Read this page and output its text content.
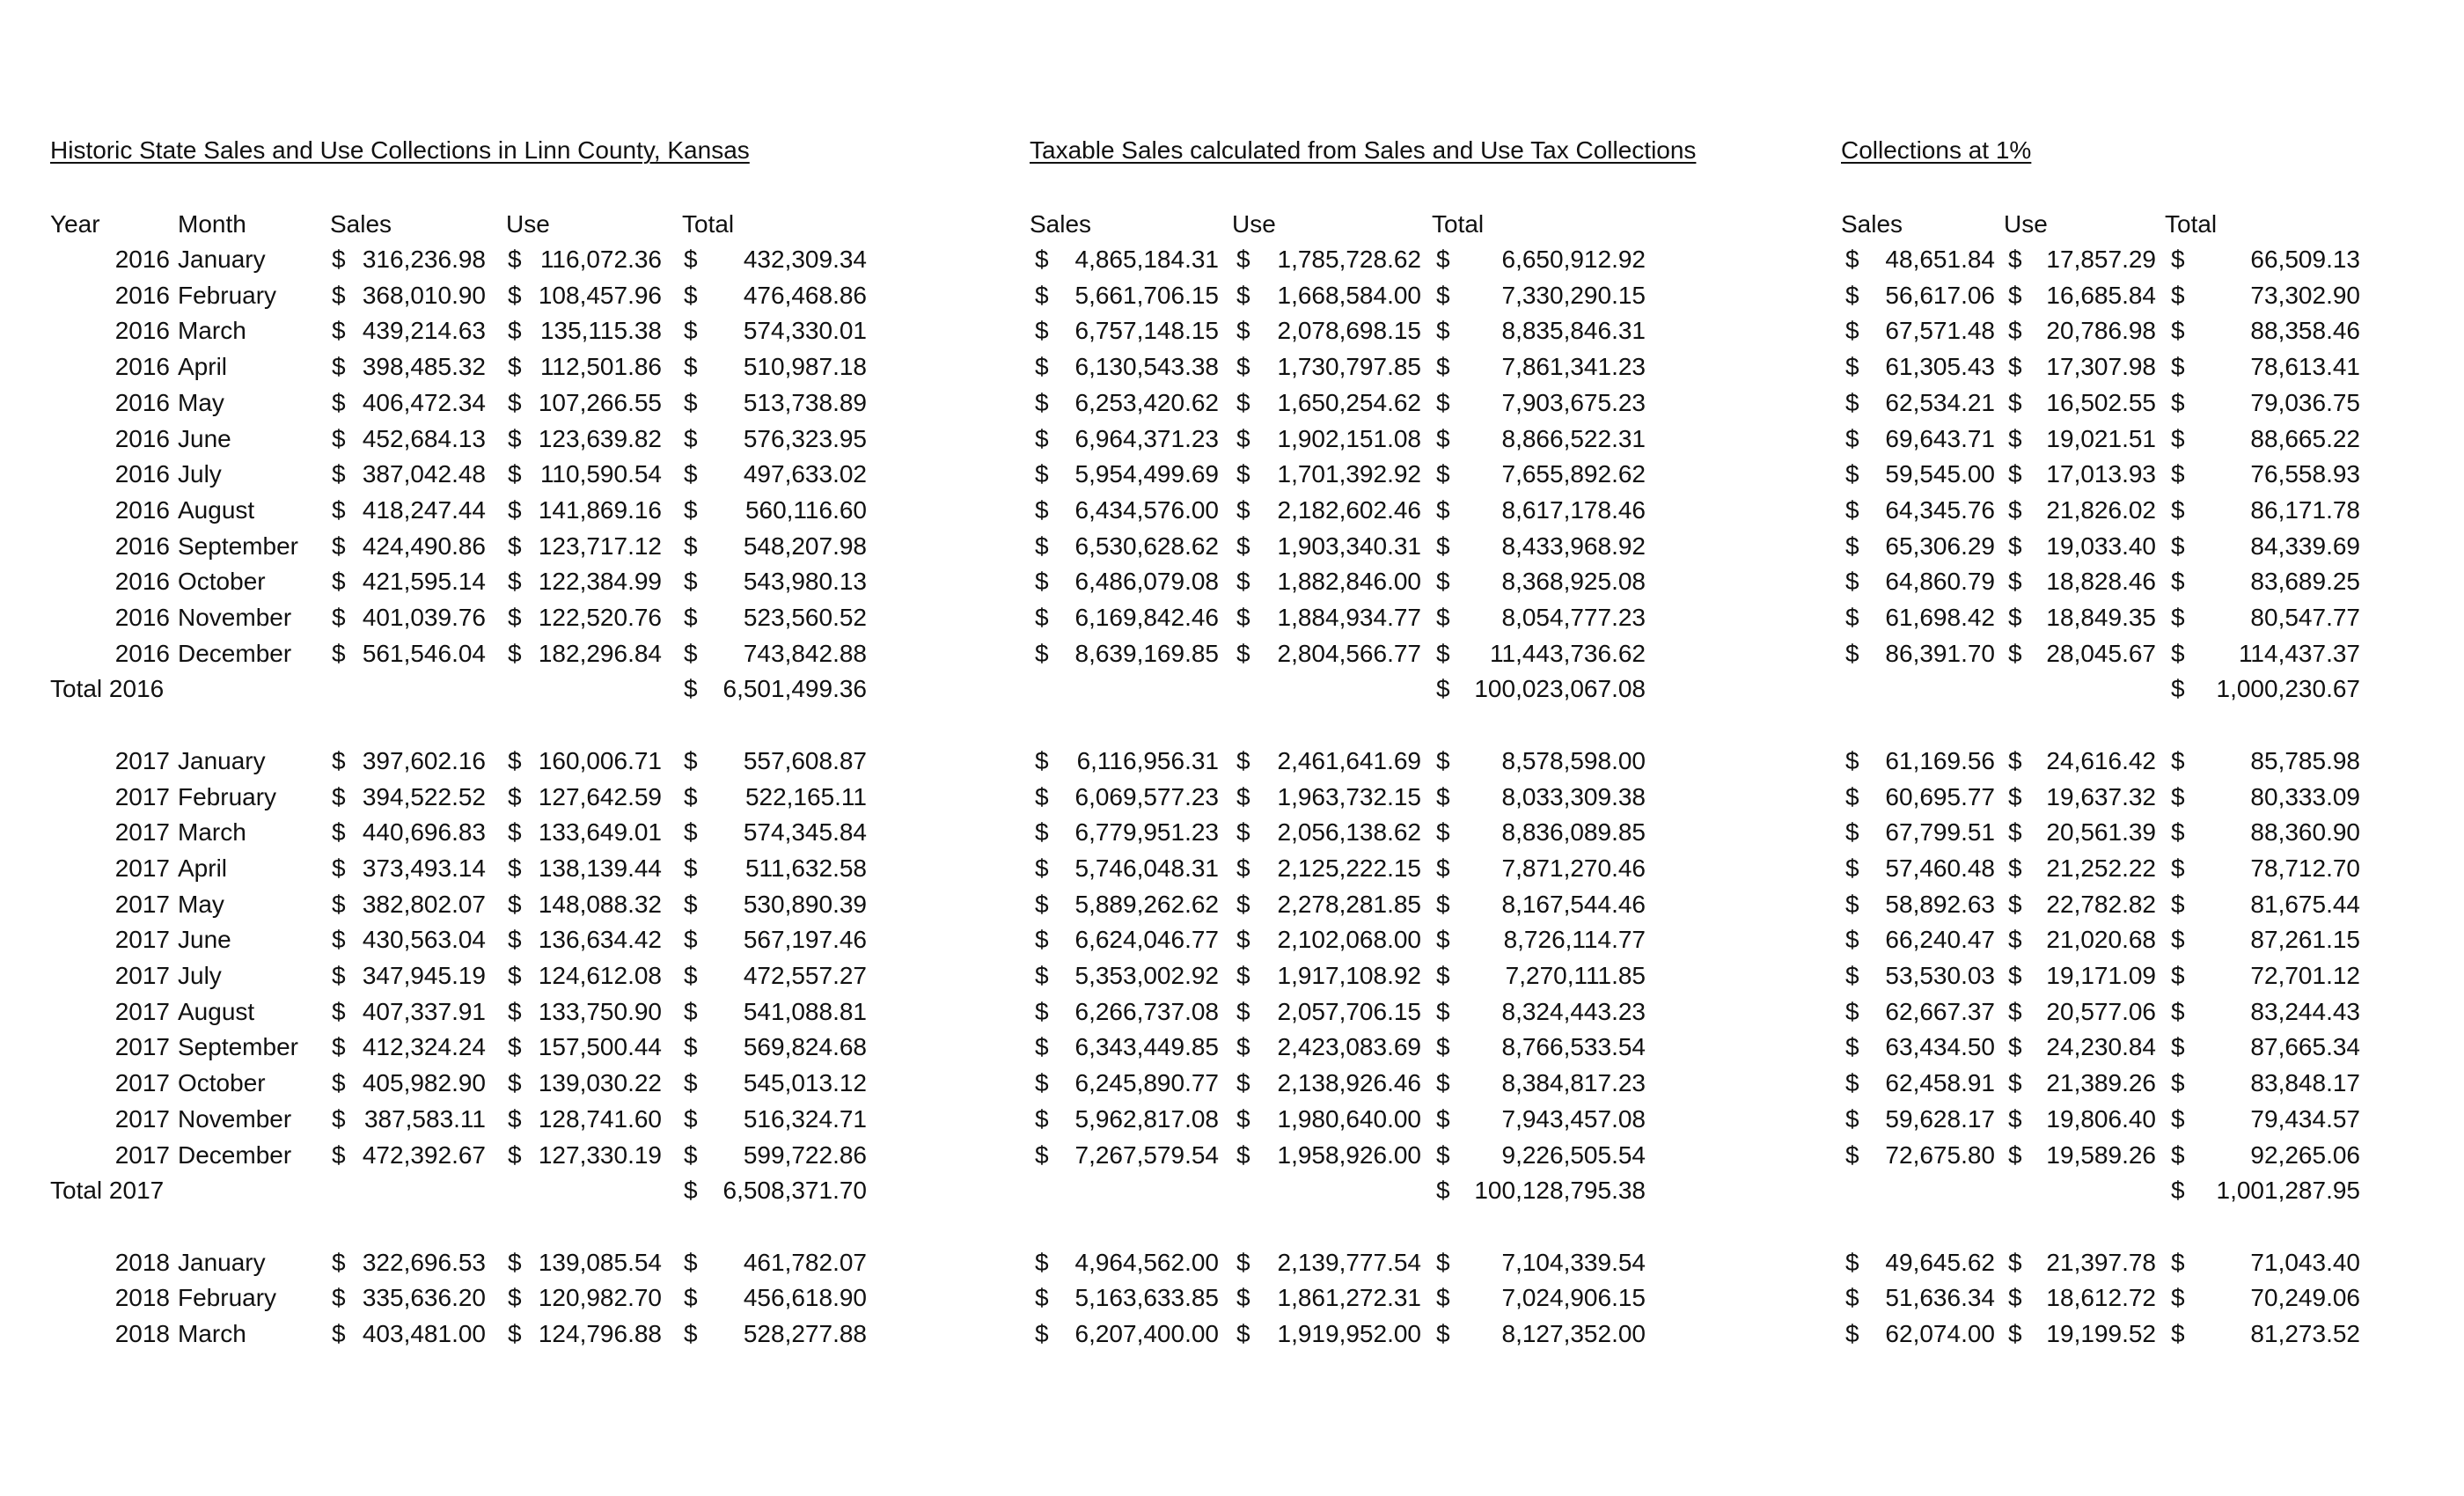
Historic State Sales and Use Collections in Linn County, Kansas
Year	Month	Sales	Use	Total
2016 January	$ 316,236.98 $ 116,072.36 $	432,309.34
2016 February $ 368,010.90 $ 108,457.96 $	476,468.86
2016 March	$ 439,214.63 $ 135,115.38 $	574,330.01
2016 April	$ 398,485.32 $ 112,501.86 $	510,987.18
2016 May	$ 406,472.34 $ 107,266.55 $	513,738.89
2016 June	$ 452,684.13 $ 123,639.82 $	576,323.95
2016 July	$ 387,042.48 $ 110,590.54 $	497,633.02
2016 August	$ 418,247.44 $ 141,869.16 $	560,116.60
2016 September $ 424,490.86 $ 123,717.12 $	548,207.98
2016 October	$ 421,595.14 $ 122,384.99 $	543,980.13
2016 November $ 401,039.76 $ 122,520.76 $	523,560.52
2016 December $ 561,546.04 $ 182,296.84 $	743,842.88
Total 2016	$	6,501,499.36
2017 January	$ 397,602.16 $ 160,006.71 $	557,608.87
2017 February $ 394,522.52 $ 127,642.59 $	522,165.11
2017 March	$ 440,696.83 $ 133,649.01 $	574,345.84
2017 April	$ 373,493.14 $ 138,139.44 $	511,632.58
2017 May	$ 382,802.07 $ 148,088.32 $	530,890.39
2017 June	$ 430,563.04 $ 136,634.42 $	567,197.46
2017 July	$ 347,945.19 $ 124,612.08 $	472,557.27
2017 August	$ 407,337.91 $ 133,750.90 $	541,088.81
2017 September $ 412,324.24 $ 157,500.44 $	569,824.68
2017 October	$ 405,982.90 $ 139,030.22 $	545,013.12
2017 November $ 387,583.11 $ 128,741.60 $	516,324.71
2017 December $ 472,392.67 $ 127,330.19 $	599,722.86
Total 2017	$	6,508,371.70
2018 January	$ 322,696.53 $ 139,085.54 $	461,782.07
2018 February $ 335,636.20 $ 120,982.70 $	456,618.90
2018 March	$ 403,481.00 $ 124,796.88 $	528,277.88
Taxable Sales calculated from Sales and Use Tax Collections
Sales	Use	Total
$	4,865,184.31 $	1,785,728.62 $	6,650,912.92
$	5,661,706.15 $	1,668,584.00 $	7,330,290.15
$	6,757,148.15 $	2,078,698.15 $	8,835,846.31
$	6,130,543.38 $	1,730,797.85 $	7,861,341.23
$	6,253,420.62 $	1,650,254.62 $	7,903,675.23
$	6,964,371.23 $	1,902,151.08 $	8,866,522.31
$	5,954,499.69 $	1,701,392.92 $	7,655,892.62
$	6,434,576.00 $	2,182,602.46 $	8,617,178.46
$	6,530,628.62 $	1,903,340.31 $	8,433,968.92
$	6,486,079.08 $	1,882,846.00 $	8,368,925.08
$	6,169,842.46 $	1,884,934.77 $	8,054,777.23
$	8,639,169.85 $	2,804,566.77 $	11,443,736.62
$ 100,023,067.08
$	6,116,956.31 $	2,461,641.69 $	8,578,598.00
$	6,069,577.23 $	1,963,732.15 $	8,033,309.38
$	6,779,951.23 $	2,056,138.62 $	8,836,089.85
$	5,746,048.31 $	2,125,222.15 $	7,871,270.46
$	5,889,262.62 $	2,278,281.85 $	8,167,544.46
$	6,624,046.77 $	2,102,068.00 $	8,726,114.77
$	5,353,002.92 $	1,917,108.92 $	7,270,111.85
$	6,266,737.08 $	2,057,706.15 $	8,324,443.23
$	6,343,449.85 $	2,423,083.69 $	8,766,533.54
$	6,245,890.77 $	2,138,926.46 $	8,384,817.23
$	5,962,817.08 $	1,980,640.00 $	7,943,457.08
$	7,267,579.54 $	1,958,926.00 $	9,226,505.54
$ 100,128,795.38
$	4,964,562.00 $	2,139,777.54 $	7,104,339.54
$	5,163,633.85 $	1,861,272.31 $	7,024,906.15
$	6,207,400.00 $	1,919,952.00 $	8,127,352.00
Collections at 1%
Sales	Use	Total
$	48,651.84 $ 17,857.29 $	66,509.13
$	56,617.06 $ 16,685.84 $	73,302.90
$	67,571.48 $ 20,786.98 $	88,358.46
$	61,305.43 $ 17,307.98 $	78,613.41
$	62,534.21 $ 16,502.55 $	79,036.75
$	69,643.71 $ 19,021.51 $	88,665.22
$	59,545.00 $ 17,013.93 $	76,558.93
$	64,345.76 $ 21,826.02 $	86,171.78
$	65,306.29 $ 19,033.40 $	84,339.69
$	64,860.79 $ 18,828.46 $	83,689.25
$	61,698.42 $ 18,849.35 $	80,547.77
$	86,391.70 $ 28,045.67 $	114,437.37
$	1,000,230.67
$	61,169.56 $ 24,616.42 $	85,785.98
$	60,695.77 $ 19,637.32 $	80,333.09
$	67,799.51 $ 20,561.39 $	88,360.90
$	57,460.48 $ 21,252.22 $	78,712.70
$	58,892.63 $ 22,782.82 $	81,675.44
$	66,240.47 $ 21,020.68 $	87,261.15
$	53,530.03 $ 19,171.09 $	72,701.12
$	62,667.37 $ 20,577.06 $	83,244.43
$	63,434.50 $ 24,230.84 $	87,665.34
$	62,458.91 $ 21,389.26 $	83,848.17
$	59,628.17 $ 19,806.40 $	79,434.57
$	72,675.80 $ 19,589.26 $	92,265.06
$	1,001,287.95
$	49,645.62 $ 21,397.78 $	71,043.40
$	51,636.34 $ 18,612.72 $	70,249.06
$	62,074.00 $ 19,199.52 $	81,273.52
